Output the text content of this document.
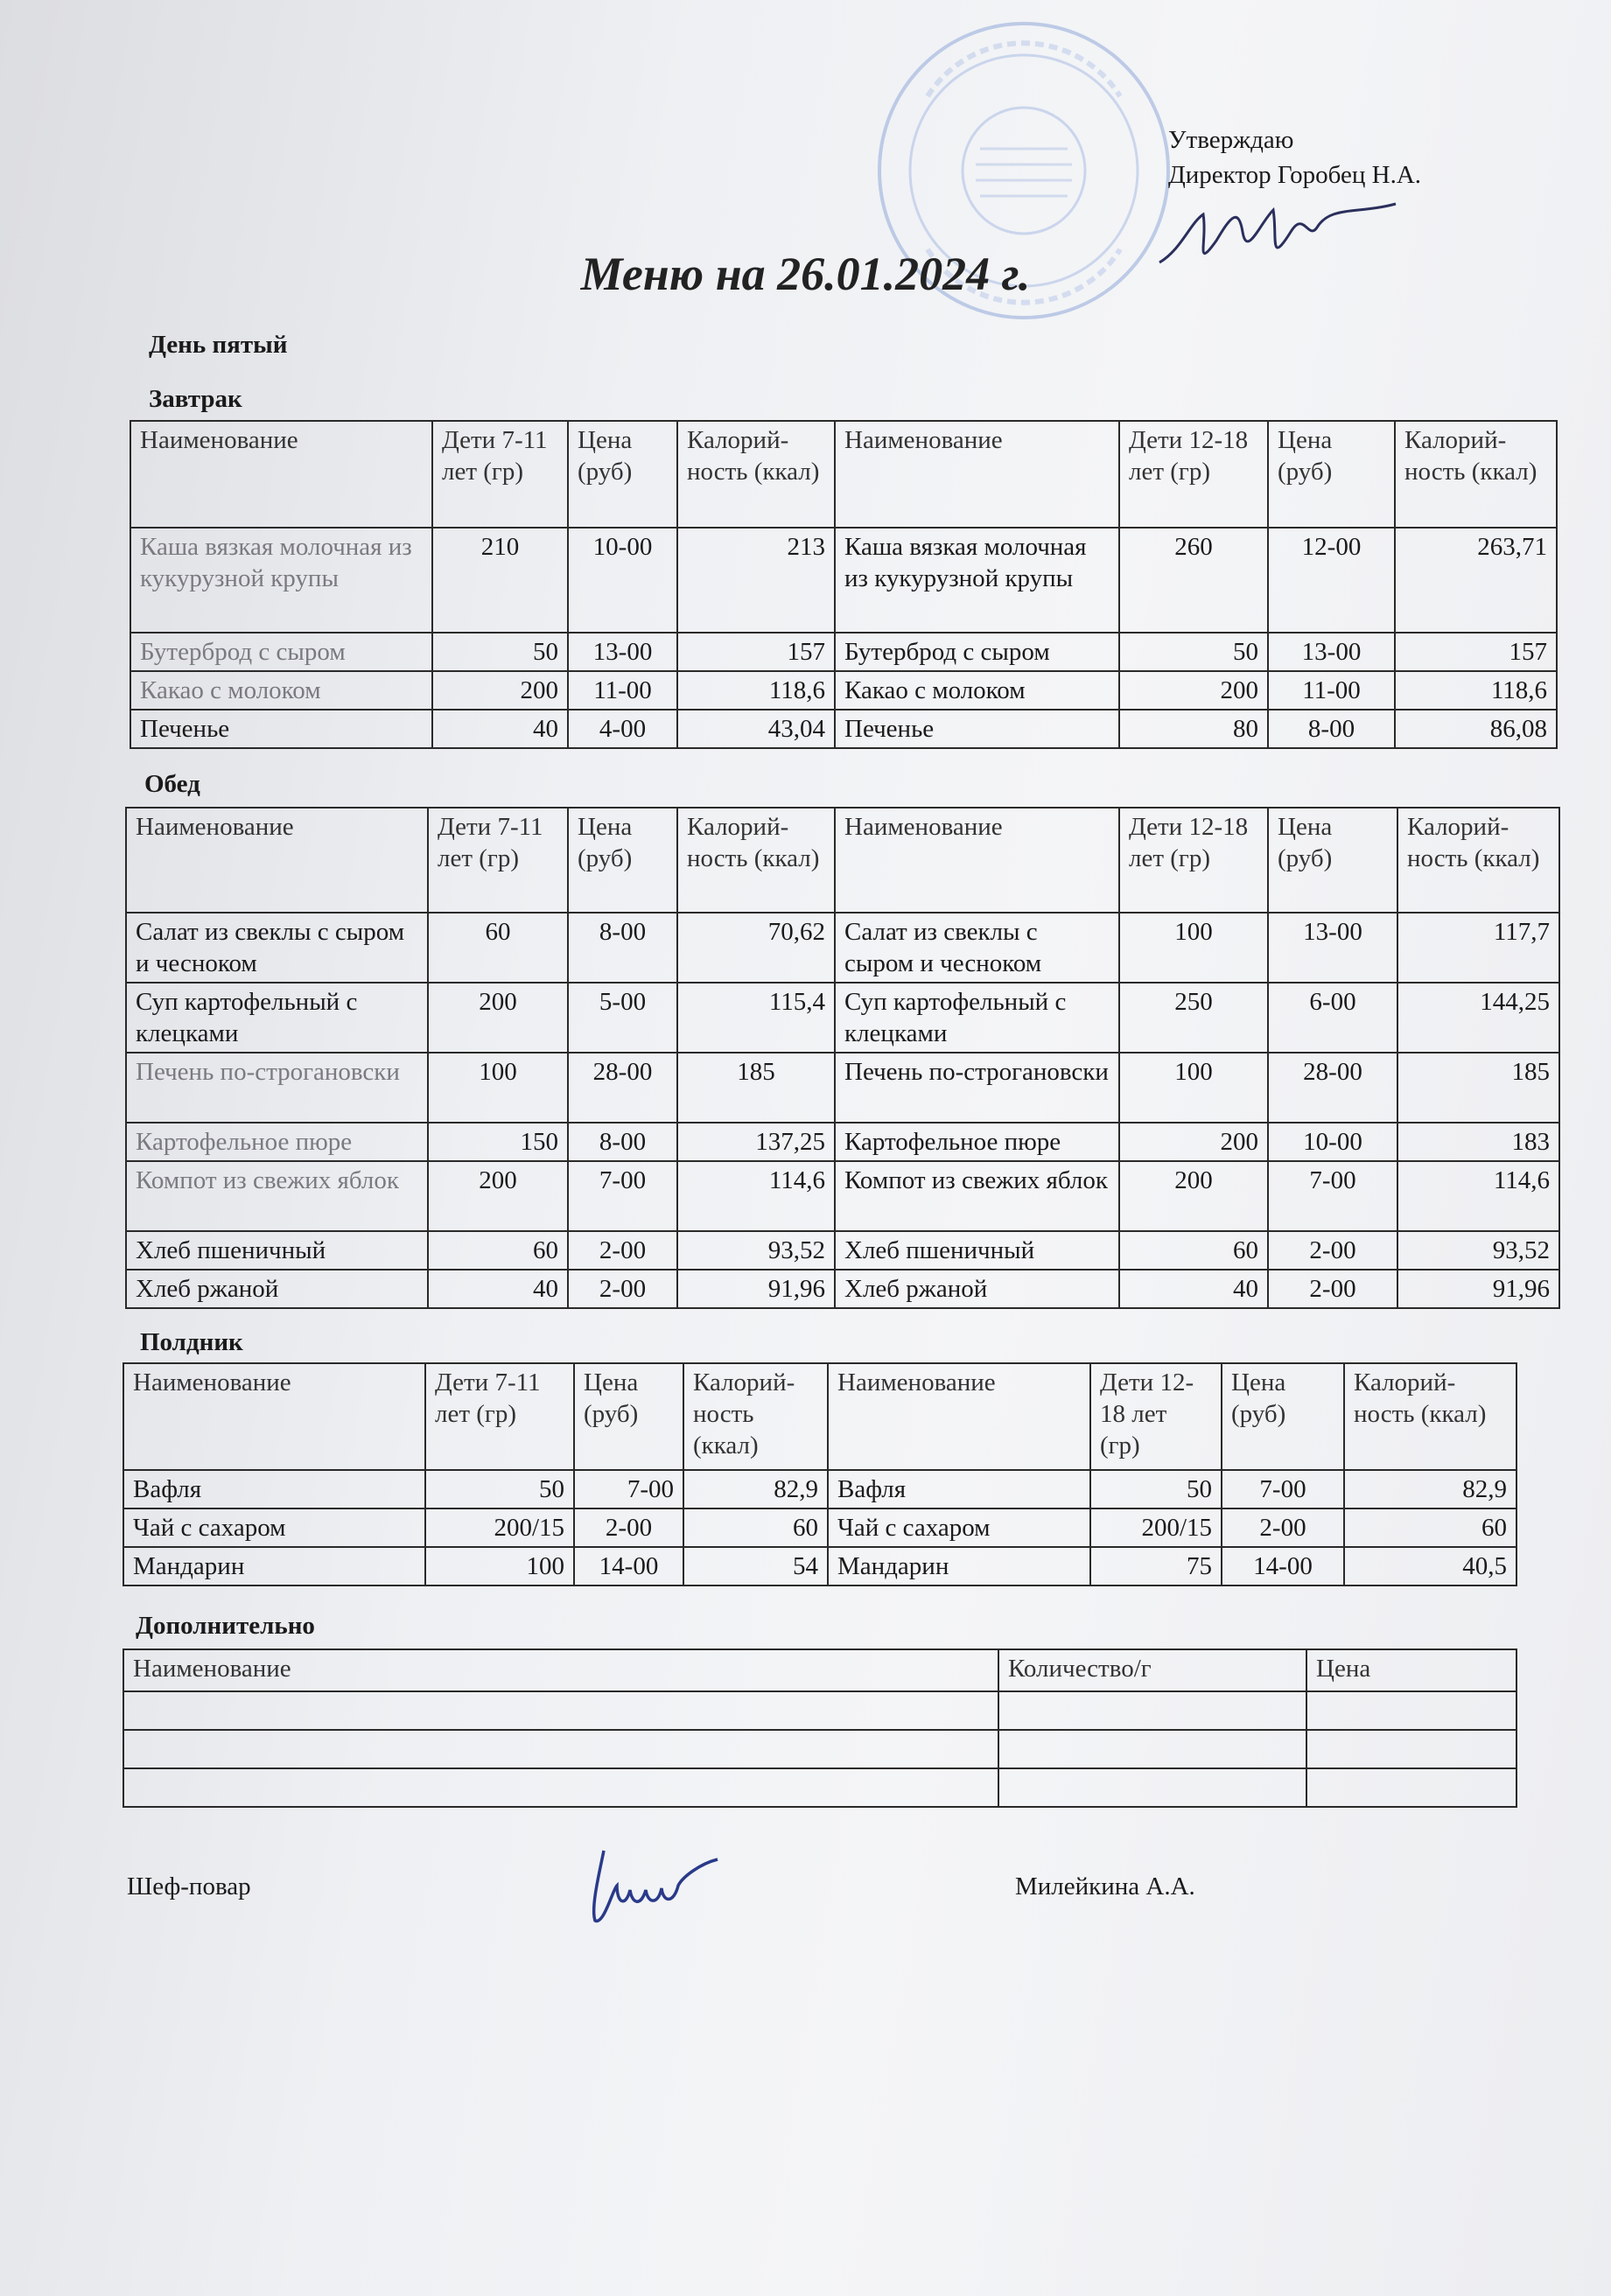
Утверждаю
Директор Горобец Н.А.
Меню на 26.01.2024 г.
День пятый
Завтрак
Наименование	Дети 7-11 лет (гр)	Цена (руб)	Калорий-ность (ккал)	Наименование	Дети 12-18 лет (гр)	Цена (руб)	Калорий-ность (ккал)
Каша вязкая молочная из кукурузной крупы	210	10-00	213	Каша вязкая молочная из кукурузной крупы	260	12-00	263,71
Бутерброд с сыром	50	13-00	157	Бутерброд с сыром	50	13-00	157
Какао с молоком	200	11-00	118,6	Какао с молоком	200	11-00	118,6
Печенье	40	4-00	43,04	Печенье	80	8-00	86,08
Обед
Наименование	Дети 7-11 лет (гр)	Цена (руб)	Калорий-ность (ккал)	Наименование	Дети 12-18 лет (гр)	Цена (руб)	Калорий-ность (ккал)
Салат из свеклы с сыром и чесноком	60	8-00	70,62	Салат из свеклы с сыром и чесноком	100	13-00	117,7
Суп картофельный с клецками	200	5-00	115,4	Суп картофельный с клецками	250	6-00	144,25
Печень по-строгановски	100	28-00	185	Печень по-строгановски	100	28-00	185
Картофельное пюре	150	8-00	137,25	Картофельное пюре	200	10-00	183
Компот из свежих яблок	200	7-00	114,6	Компот из свежих яблок	200	7-00	114,6
Хлеб пшеничный	60	2-00	93,52	Хлеб пшеничный	60	2-00	93,52
Хлеб ржаной	40	2-00	91,96	Хлеб ржаной	40	2-00	91,96
Полдник
Наименование	Дети 7-11 лет (гр)	Цена (руб)	Калорий-ность (ккал)	Наименование	Дети 12-18 лет (гр)	Цена (руб)	Калорий-ность (ккал)
Вафля	50	7-00	82,9	Вафля	50	7-00	82,9
Чай с сахаром	200/15	2-00	60	Чай с сахаром	200/15	2-00	60
Мандарин	100	14-00	54	Мандарин	75	14-00	40,5
Дополнительно
Наименование	Количество/г	Цена

Шеф-повар	Милейкина А.А.
